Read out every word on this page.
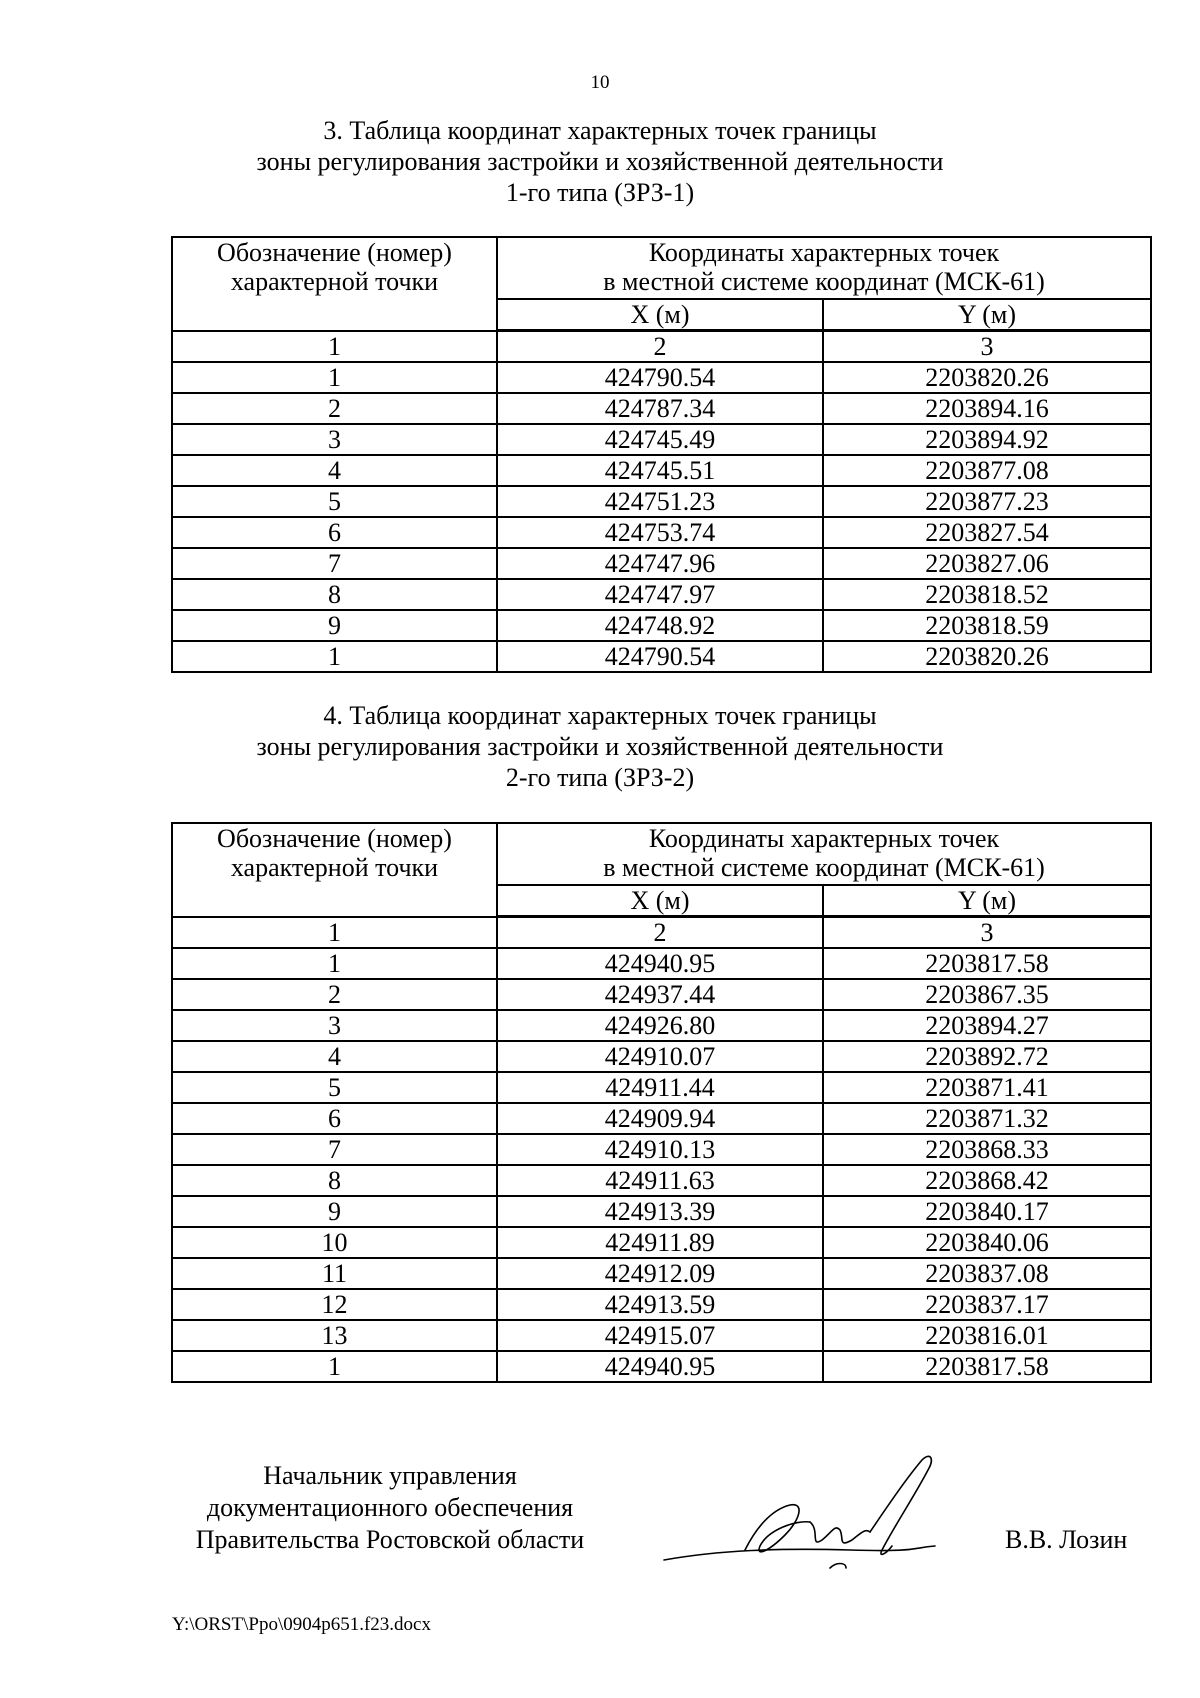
10
3. Таблица координат характерных точек границы
зоны регулирования застройки и хозяйственной деятельности
1-го типа (ЗРЗ-1)
Обозначение (номер)
характерной точки	Координаты характерных точек
в местной системе координат (МСК-61)	

	X (м)	Y (м)
1	2	3
1	424790.54	2203820.26
2	424787.34	2203894.16
3	424745.49	2203894.92
4	424745.51	2203877.08
5	424751.23	2203877.23
6	424753.74	2203827.54
7	424747.96	2203827.06
8	424747.97	2203818.52
9	424748.92	2203818.59
1	424790.54	2203820.26
4. Таблица координат характерных точек границы
зоны регулирования застройки и хозяйственной деятельности
2-го типа (ЗРЗ-2)
Обозначение (номер)
характерной точки	Координаты характерных точек
в местной системе координат (МСК-61)	

	X (м)	Y (м)
1	2	3
1	424940.95	2203817.58
2	424937.44	2203867.35
3	424926.80	2203894.27
4	424910.07	2203892.72
5	424911.44	2203871.41
6	424909.94	2203871.32
7	424910.13	2203868.33
8	424911.63	2203868.42
9	424913.39	2203840.17
10	424911.89	2203840.06
11	424912.09	2203837.08
12	424913.59	2203837.17
13	424915.07	2203816.01
1	424940.95	2203817.58
Начальник управления
документационного обеспечения
Правительства Ростовской области	В.В. Лозин
Y:\ORST\Ppo\0904p651.f23.docx
